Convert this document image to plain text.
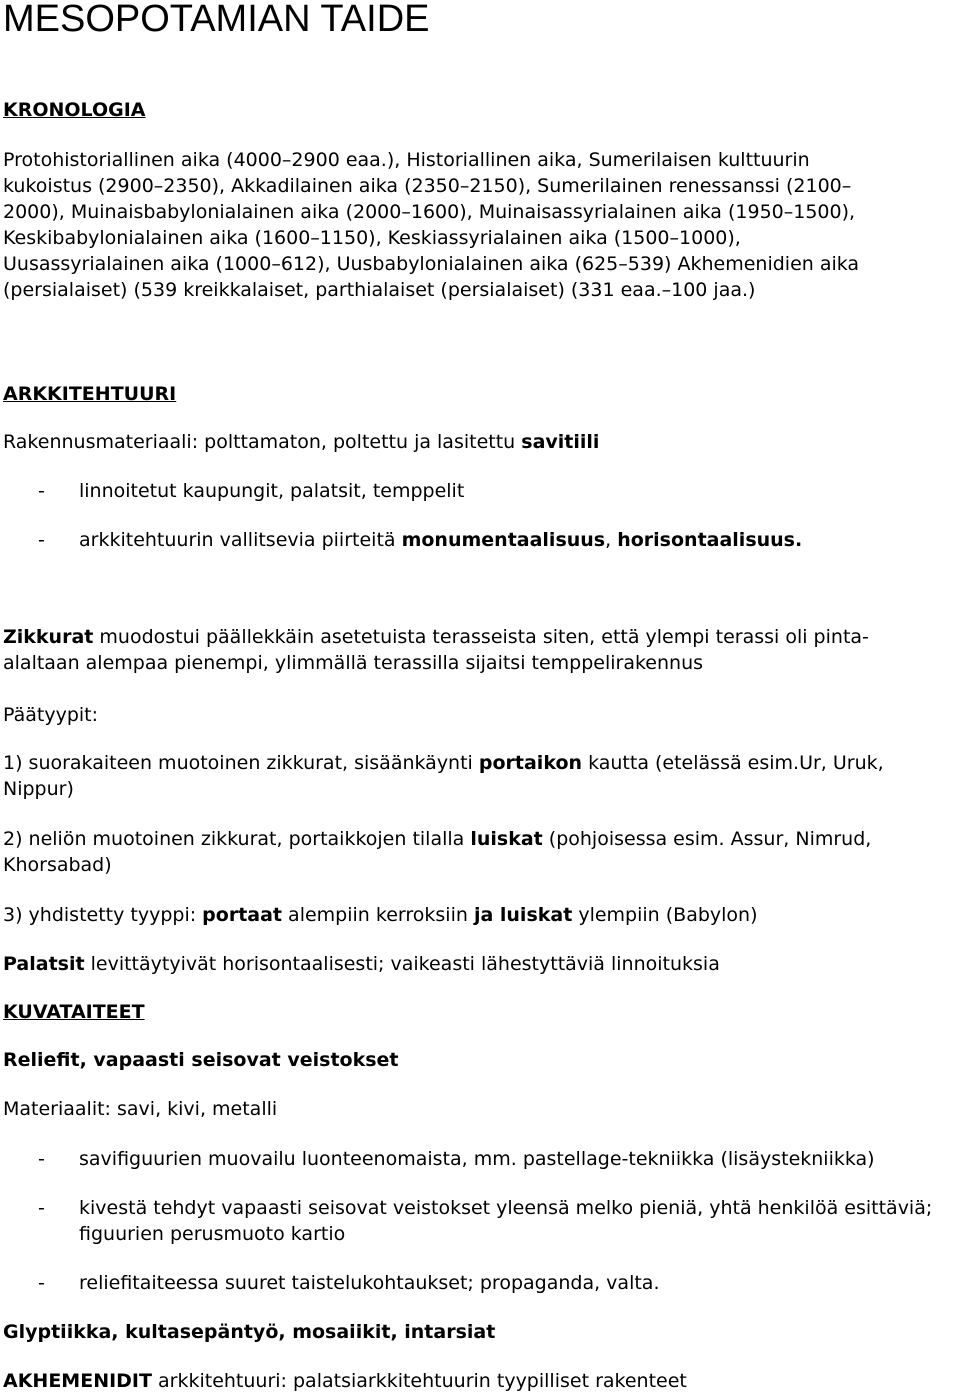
MESOPOTAMIAN TAIDE

KRONOLOGIA

Protohistoriallinen aika (4000–2900 eaa.), Historiallinen aika, Sumerilaisen kulttuurin
kukoistus (2900–2350), Akkadilainen aika (2350–2150), Sumerilainen renessanssi (2100–
2000), Muinaisbabylonialainen aika (2000–1600), Muinaisassyrialainen aika (1950–1500),
Keskibabylonialainen aika (1600–1150), Keskiassyrialainen aika (1500–1000),
Uusassyrialainen aika (1000–612), Uusbabylonialainen aika (625–539) Akhemenidien aika
(persialaiset) (539 kreikkalaiset, parthialaiset (persialaiset) (331 eaa.–100 jaa.)

ARKKITEHTUURI

Rakennusmateriaali: polttamaton, poltettu ja lasitettu savitiili

- linnoitetut kaupungit, palatsit, temppelit

- arkkitehtuurin vallitsevia piirteitä monumentaalisuus, horisontaalisuus.

Zikkurat muodostui päällekkäin asetetuista terasseista siten, että ylempi terassi oli pinta-
alaltaan alempaa pienempi, ylimmällä terassilla sijaitsi temppelirakennus

Päätyypit:

1) suorakaiteen muotoinen zikkurat, sisäänkäynti portaikon kautta (etelässä esim.Ur, Uruk,
Nippur)
2) neliön muotoinen zikkurat, portaikkojen tilalla luiskat (pohjoisessa esim. Assur, Nimrud,
Khorsabad)

3) yhdistetty tyyppi: portaat alempiin kerroksiin ja luiskat ylempiin (Babylon)

Palatsit levittäytyivät horisontaalisesti; vaikeasti lähestyttäviä linnoituksia

KUVATAITEET

Reliefit, vapaasti seisovat veistokset

Materiaalit: savi, kivi, metalli

- savifiguurien muovailu luonteenomaista, mm. pastellage-tekniikka (lisäystekniikka)

- kivestä tehdyt vapaasti seisovat veistokset yleensä melko pieniä, yhtä henkilöä esittäviä;
figuurien perusmuoto kartio
- reliefitaiteessa suuret taistelukohtaukset; propaganda, valta.

Glyptiikka, kultasepäntyö, mosaiikit, intarsiat

AKHEMENIDIT arkkitehtuuri: palatsiarkkitehtuurin tyypilliset rakenteet
